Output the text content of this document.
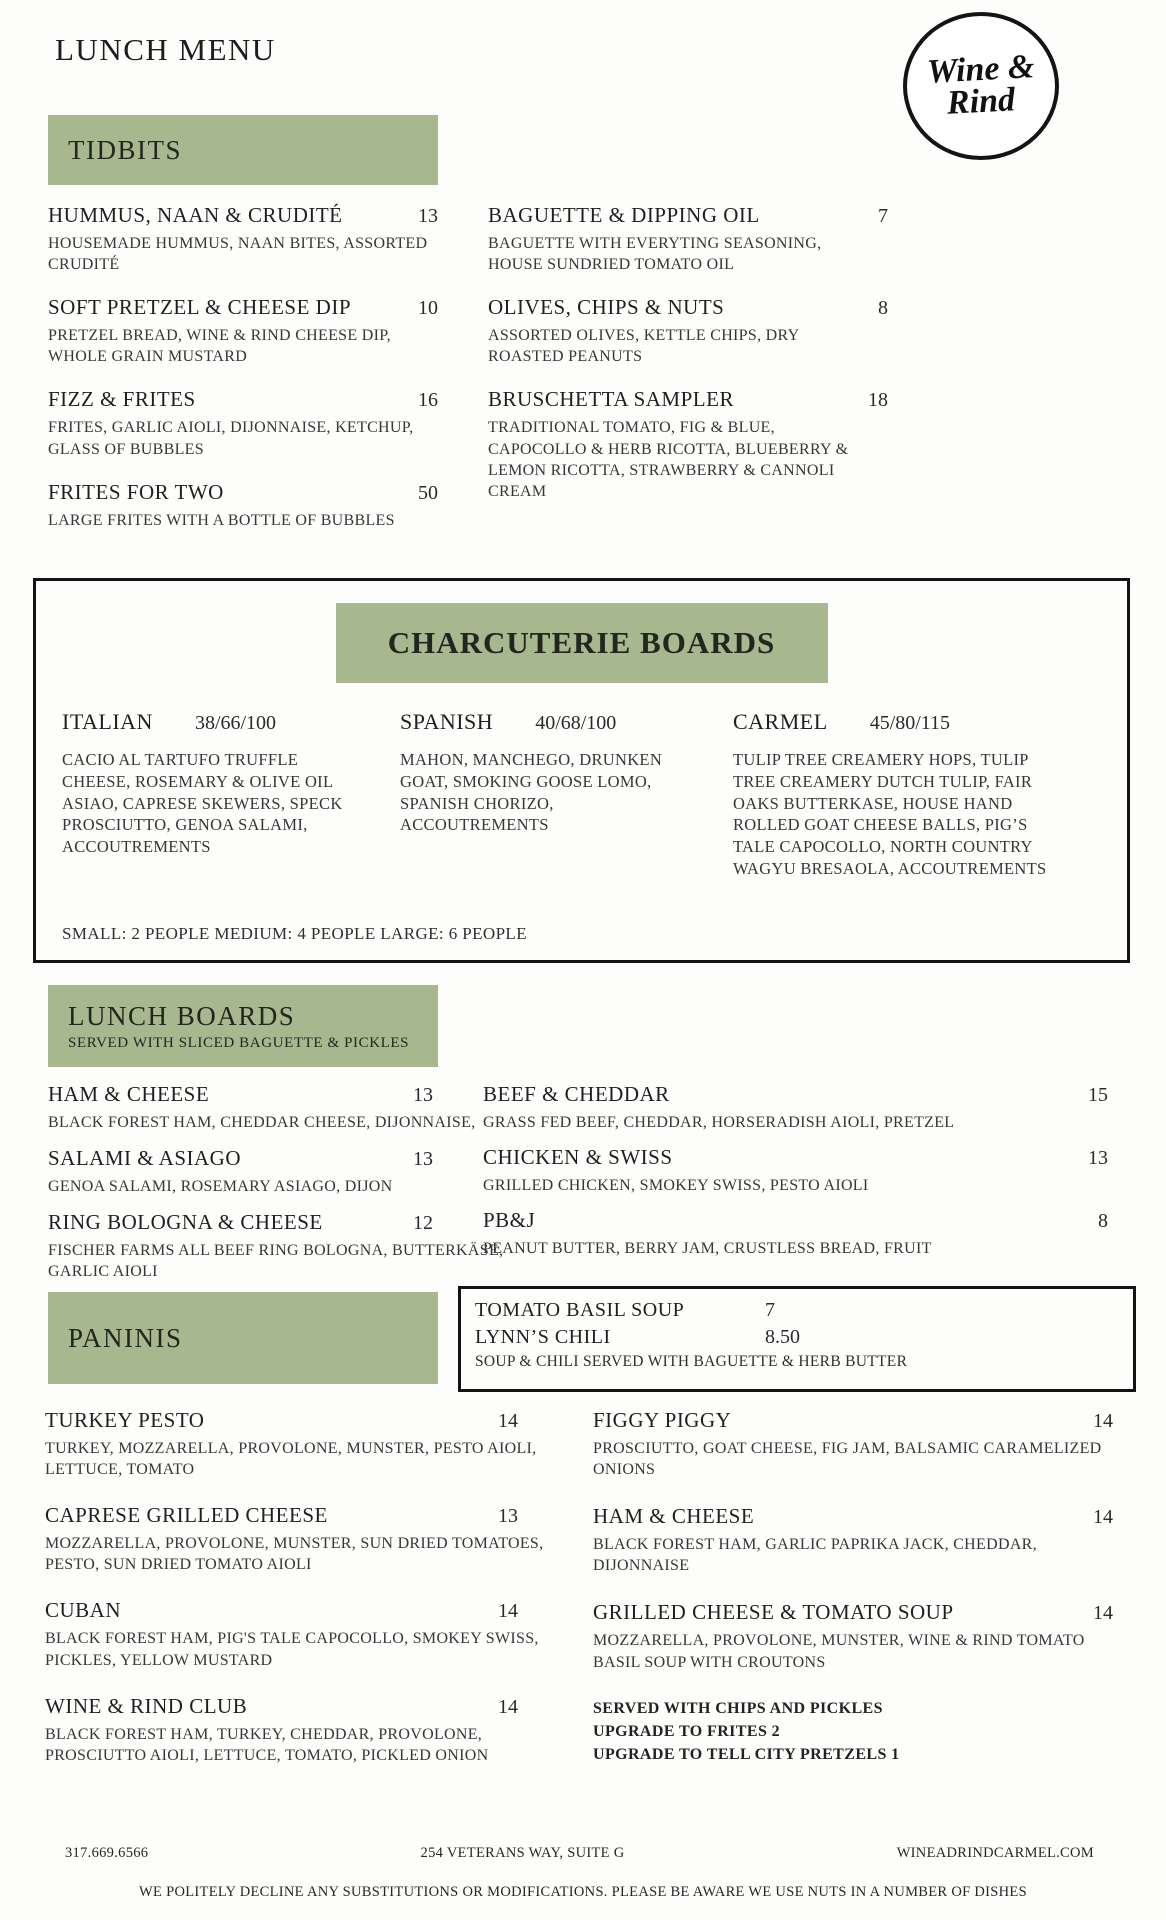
LUNCH MENU	Wine &
Rind
TIDBITS
HUMMUS, NAAN & CRUDITÉ	13
HOUSEMADE HUMMUS, NAAN BITES, ASSORTED CRUDITÉ
SOFT PRETZEL & CHEESE DIP	10
PRETZEL BREAD, WINE & RIND CHEESE DIP, WHOLE GRAIN MUSTARD
FIZZ & FRITES	16
FRITES, GARLIC AIOLI, DIJONNAISE, KETCHUP, GLASS OF BUBBLES
FRITES FOR TWO	50
LARGE FRITES WITH A BOTTLE OF BUBBLES
BAGUETTE & DIPPING OIL	7
BAGUETTE WITH EVERYTING SEASONING, HOUSE SUNDRIED TOMATO OIL
OLIVES, CHIPS & NUTS	8
ASSORTED OLIVES, KETTLE CHIPS, DRY ROASTED PEANUTS
BRUSCHETTA SAMPLER	18
TRADITIONAL TOMATO, FIG & BLUE, CAPOCOLLO & HERB RICOTTA, BLUEBERRY & LEMON RICOTTA, STRAWBERRY & CANNOLI CREAM
CHARCUTERIE BOARDS
ITALIAN 38/66/100
CACIO AL TARTUFO TRUFFLE CHEESE, ROSEMARY & OLIVE OIL ASIAO, CAPRESE SKEWERS, SPECK PROSCIUTTO, GENOA SALAMI, ACCOUTREMENTS
SPANISH 40/68/100
MAHON, MANCHEGO, DRUNKEN GOAT, SMOKING GOOSE LOMO, SPANISH CHORIZO, ACCOUTREMENTS
CARMEL 45/80/115
TULIP TREE CREAMERY HOPS, TULIP TREE CREAMERY DUTCH TULIP, FAIR OAKS BUTTERKASE, HOUSE HAND ROLLED GOAT CHEESE BALLS, PIG’S TALE CAPOCOLLO, NORTH COUNTRY WAGYU BRESAOLA, ACCOUTREMENTS
SMALL: 2 PEOPLE MEDIUM: 4 PEOPLE LARGE: 6 PEOPLE
LUNCH BOARDS
SERVED WITH SLICED BAGUETTE & PICKLES
HAM & CHEESE	13
BLACK FOREST HAM, CHEDDAR CHEESE, DIJONNAISE,
SALAMI & ASIAGO	13
GENOA SALAMI, ROSEMARY ASIAGO, DIJON
RING BOLOGNA & CHEESE	12
FISCHER FARMS ALL BEEF RING BOLOGNA, BUTTERKÄSE, GARLIC AIOLI
BEEF & CHEDDAR	15
GRASS FED BEEF, CHEDDAR, HORSERADISH AIOLI, PRETZEL
CHICKEN & SWISS	13
GRILLED CHICKEN, SMOKEY SWISS, PESTO AIOLI
PB&J	8
PEANUT BUTTER, BERRY JAM, CRUSTLESS BREAD, FRUIT
PANINIS
TOMATO BASIL SOUP	7
LYNN’S CHILI	8.50
SOUP & CHILI SERVED WITH BAGUETTE & HERB BUTTER
TURKEY PESTO	14
TURKEY, MOZZARELLA, PROVOLONE, MUNSTER, PESTO AIOLI, LETTUCE, TOMATO
CAPRESE GRILLED CHEESE	13
MOZZARELLA, PROVOLONE, MUNSTER, SUN DRIED TOMATOES, PESTO, SUN DRIED TOMATO AIOLI
CUBAN	14
BLACK FOREST HAM, PIG'S TALE CAPOCOLLO, SMOKEY SWISS, PICKLES, YELLOW MUSTARD
WINE & RIND CLUB	14
BLACK FOREST HAM, TURKEY, CHEDDAR, PROVOLONE, PROSCIUTTO AIOLI, LETTUCE, TOMATO, PICKLED ONION
FIGGY PIGGY	14
PROSCIUTTO, GOAT CHEESE, FIG JAM, BALSAMIC CARAMELIZED ONIONS
HAM & CHEESE	14
BLACK FOREST HAM, GARLIC PAPRIKA JACK, CHEDDAR, DIJONNAISE
GRILLED CHEESE & TOMATO SOUP	14
MOZZARELLA, PROVOLONE, MUNSTER, WINE & RIND TOMATO BASIL SOUP WITH CROUTONS
SERVED WITH CHIPS AND PICKLES
UPGRADE TO FRITES 2
UPGRADE TO TELL CITY PRETZELS 1
317.669.6566	254 VETERANS WAY, SUITE G	WINEADRINDCARMEL.COM
WE POLITELY DECLINE ANY SUBSTITUTIONS OR MODIFICATIONS. PLEASE BE AWARE WE USE NUTS IN A NUMBER OF DISHES
